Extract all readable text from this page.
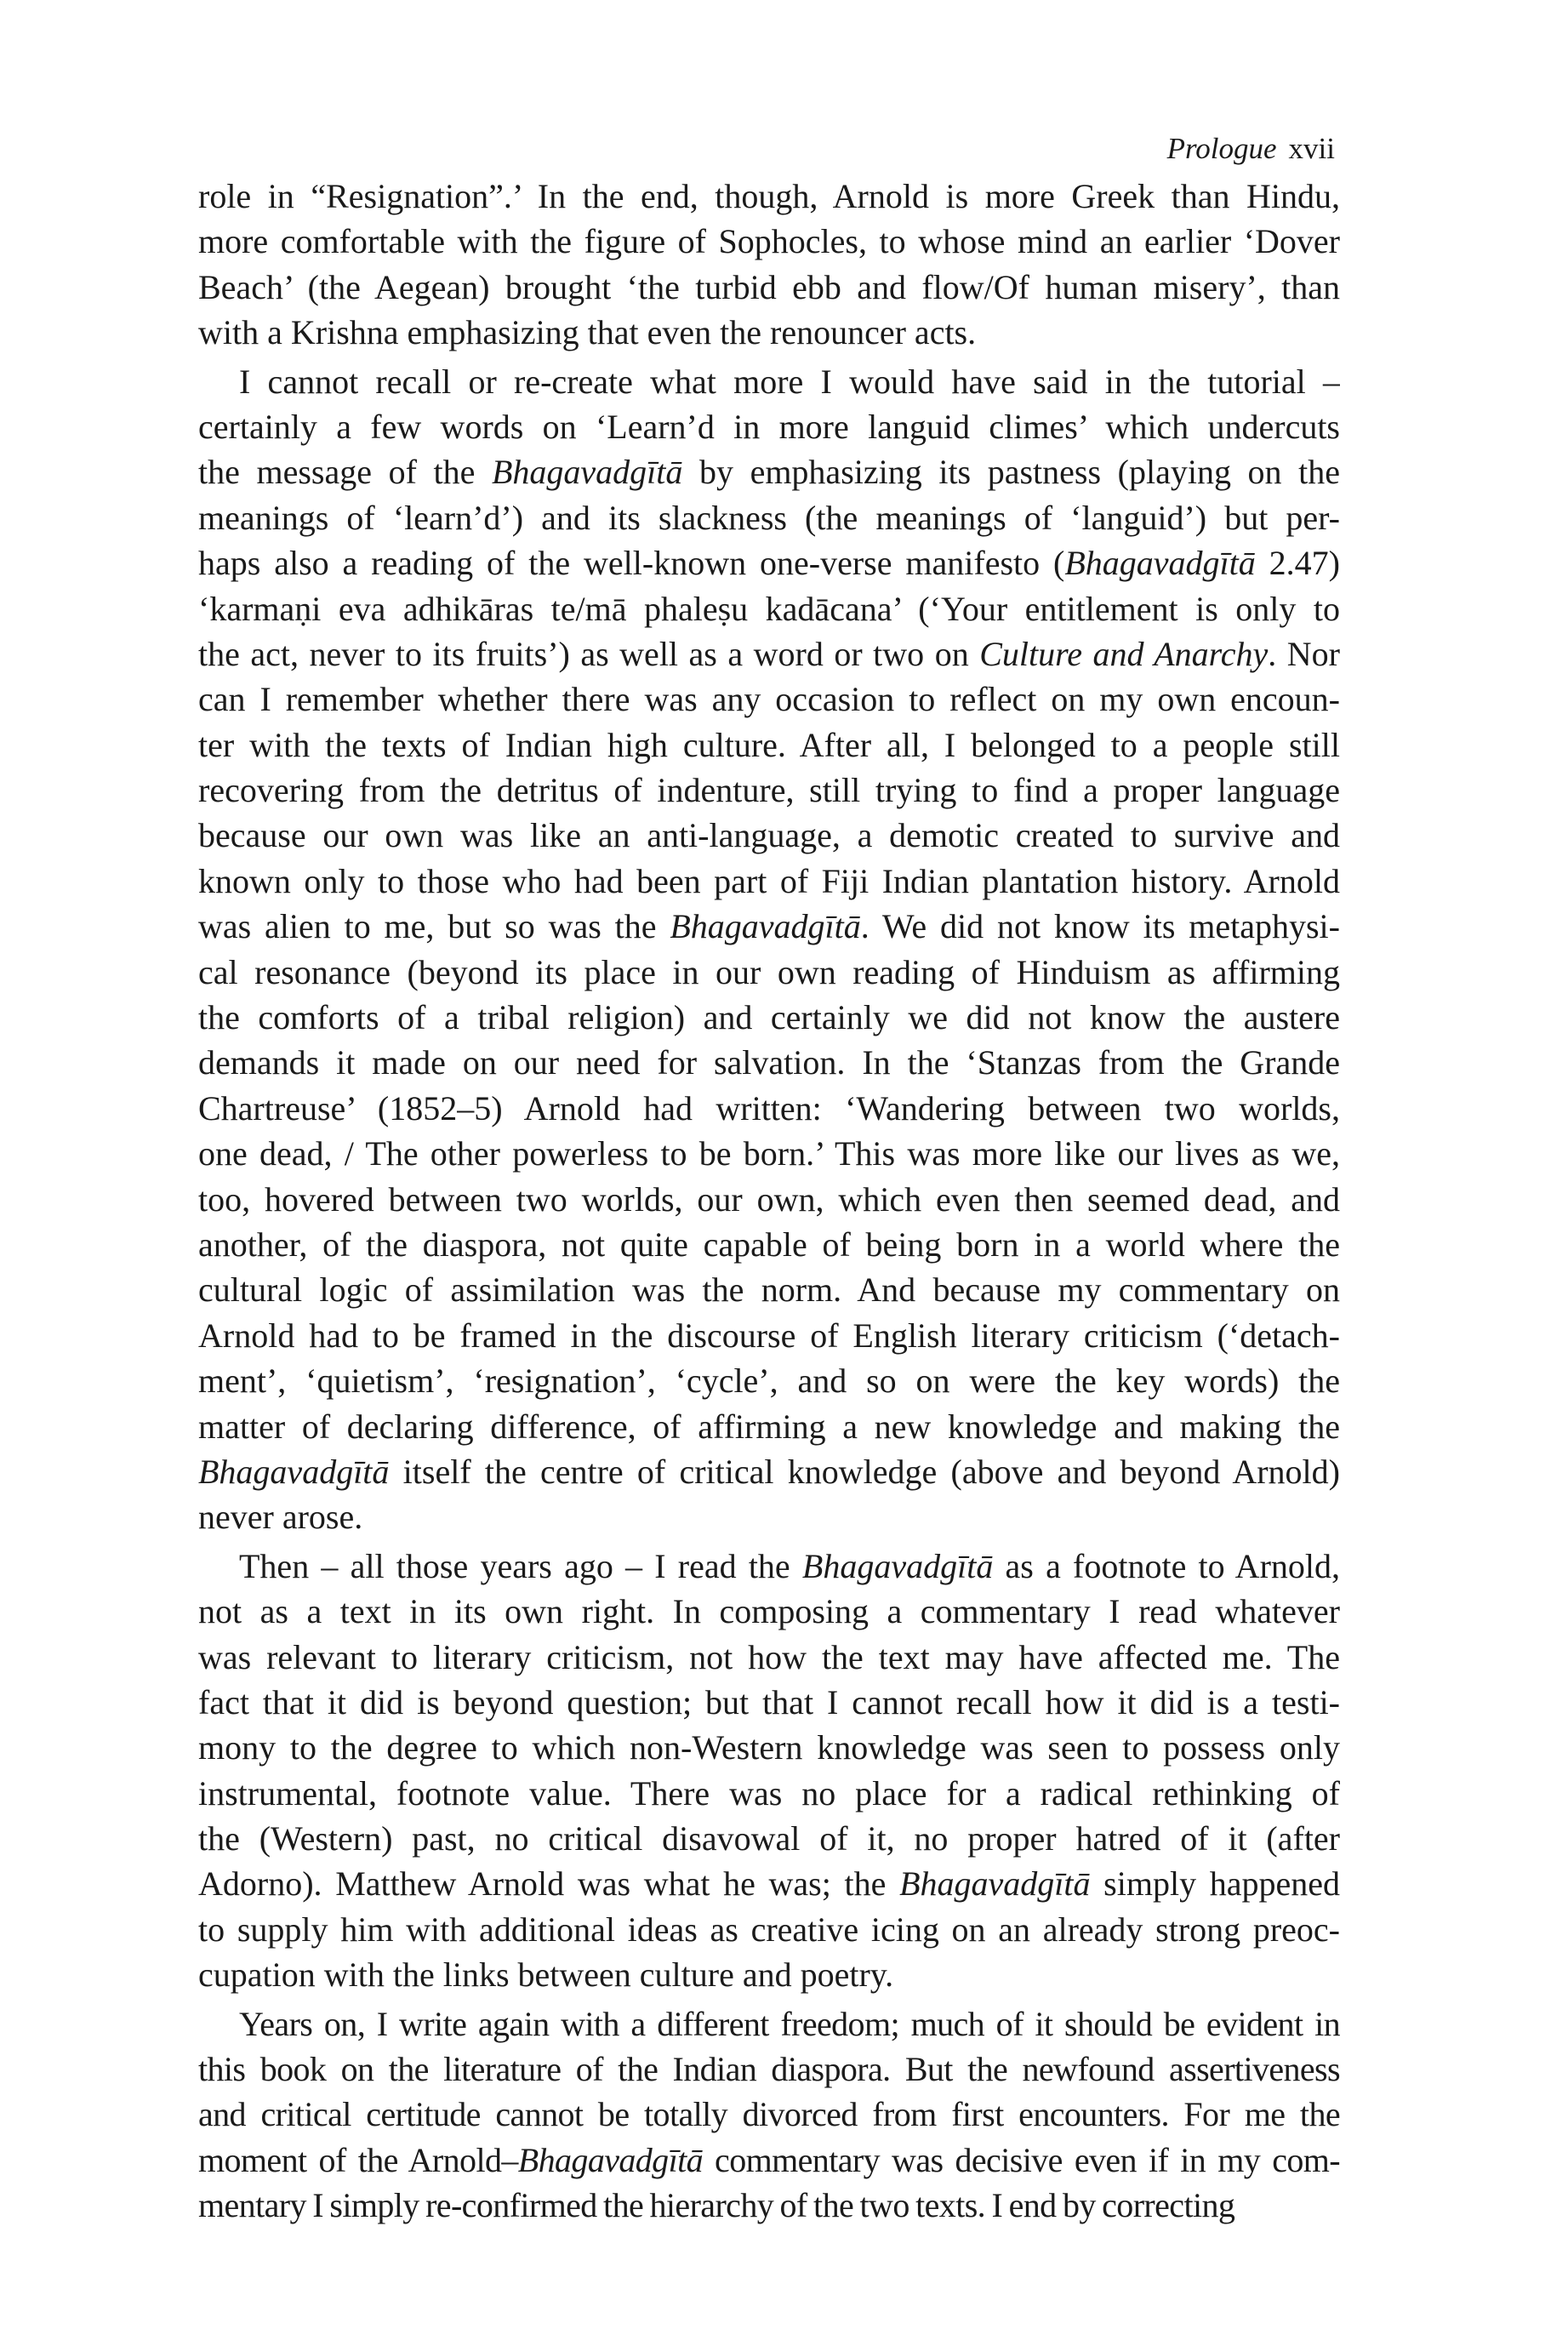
Prologue xvii
role in “Resignation”.’ In the end, though, Arnold is more Greek than Hindu,
more comfortable with the figure of Sophocles, to whose mind an earlier ‘Dover
Beach’ (the Aegean) brought ‘the turbid ebb and flow/Of human misery’, than
with a Krishna emphasizing that even the renouncer acts.
I cannot recall or re-create what more I would have said in the tutorial –
certainly a few words on ‘Learn’d in more languid climes’ which undercuts
the message of the Bhagavadgītā by emphasizing its pastness (playing on the
meanings of ‘learn’d’) and its slackness (the meanings of ‘languid’) but per-
haps also a reading of the well-known one-verse manifesto (Bhagavadgītā 2.47)
‘karmaṇi eva adhikāras te/mā phaleṣu kadācana’ (‘Your entitlement is only to
the act, never to its fruits’) as well as a word or two on Culture and Anarchy. Nor
can I remember whether there was any occasion to reflect on my own encoun-
ter with the texts of Indian high culture. After all, I belonged to a people still
recovering from the detritus of indenture, still trying to find a proper language
because our own was like an anti-language, a demotic created to survive and
known only to those who had been part of Fiji Indian plantation history. Arnold
was alien to me, but so was the Bhagavadgītā. We did not know its metaphysi-
cal resonance (beyond its place in our own reading of Hinduism as affirming
the comforts of a tribal religion) and certainly we did not know the austere
demands it made on our need for salvation. In the ‘Stanzas from the Grande
Chartreuse’ (1852–5) Arnold had written: ‘Wandering between two worlds,
one dead, / The other powerless to be born.’ This was more like our lives as we,
too, hovered between two worlds, our own, which even then seemed dead, and
another, of the diaspora, not quite capable of being born in a world where the
cultural logic of assimilation was the norm. And because my commentary on
Arnold had to be framed in the discourse of English literary criticism (‘detach-
ment’, ‘quietism’, ‘resignation’, ‘cycle’, and so on were the key words) the
matter of declaring difference, of affirming a new knowledge and making the
Bhagavadgītā itself the centre of critical knowledge (above and beyond Arnold)
never arose.
Then – all those years ago – I read the Bhagavadgītā as a footnote to Arnold,
not as a text in its own right. In composing a commentary I read whatever
was relevant to literary criticism, not how the text may have affected me. The
fact that it did is beyond question; but that I cannot recall how it did is a testi-
mony to the degree to which non-Western knowledge was seen to possess only
instrumental, footnote value. There was no place for a radical rethinking of
the (Western) past, no critical disavowal of it, no proper hatred of it (after
Adorno). Matthew Arnold was what he was; the Bhagavadgītā simply happened
to supply him with additional ideas as creative icing on an already strong preoc-
cupation with the links between culture and poetry.
Years on, I write again with a different freedom; much of it should be evident in
this book on the literature of the Indian diaspora. But the newfound assertiveness
and critical certitude cannot be totally divorced from first encounters. For me the
moment of the Arnold–Bhagavadgītā commentary was decisive even if in my com-
mentary I simply re-confirmed the hierarchy of the two texts. I end by correcting
